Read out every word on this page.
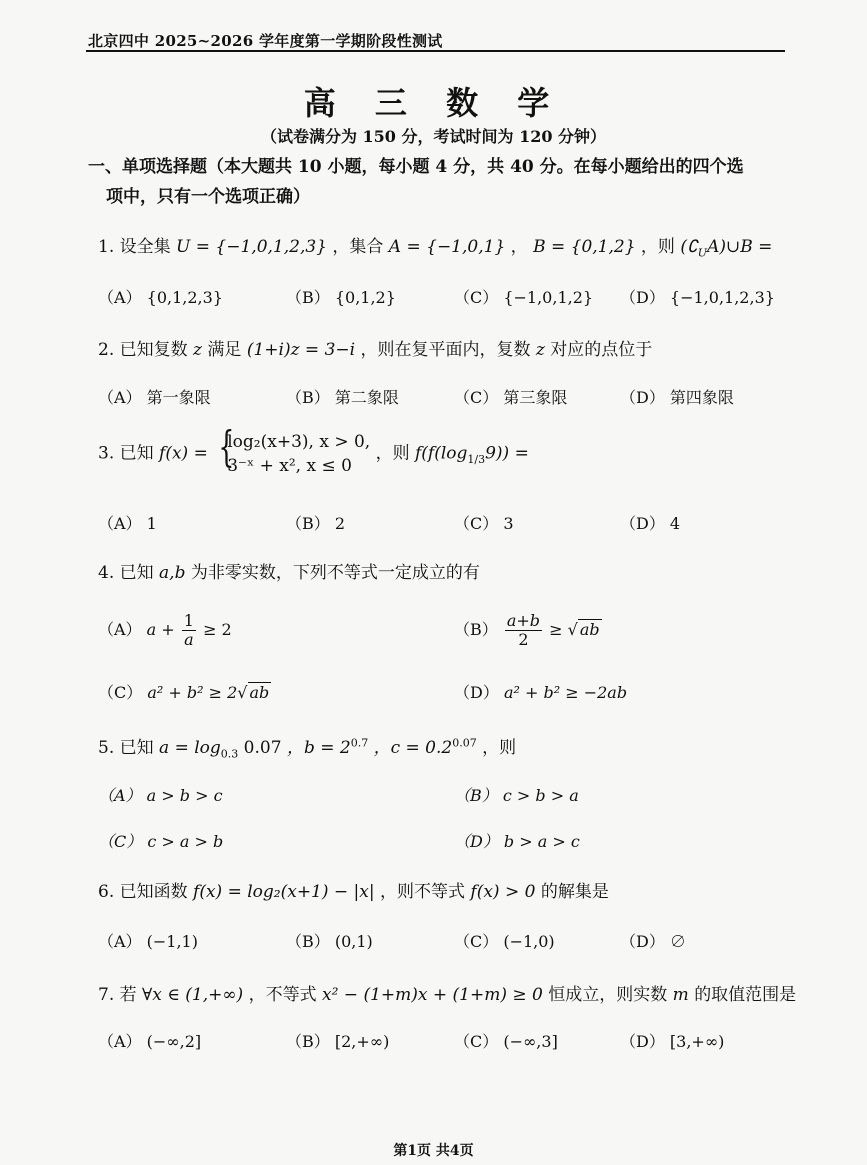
北京四中 2025~2026 学年度第一学期阶段性测试
高 三 数 学
（试卷满分为 150 分，考试时间为 120 分钟）
一、单项选择题（本大题共 10 小题，每小题 4 分，共 40 分。在每小题给出的四个选
项中，只有一个选项正确）
1. 设全集 U = {−1,0,1,2,3} ，集合 A = {−1,0,1} ， B = {0,1,2} ，则 $(∁_UA)\cup B$ =
（A） {0,1,2,3}	（B） {0,1,2}	（C） {−1,0,1,2} （D） {−1,0,1,2,3}
2. 已知复数 z 满足 (1+i)z = 3−i ，则在复平面内，复数 z 对应的点位于
（A） 第一象限	（B） 第二象限	（C） 第三象限	（D） 第四象限
3. 已知 f(x) = {
log₂(x+3), x > 0,
3⁻ˣ + x², x ≤ 0
，则 $f(f(\log_{1/3}9))$ =
（A） 1	（B） 2	（C） 3	（D） 4
4. 已知 a,b 为非零实数，下列不等式一定成立的有
（A） $a + \frac{1}{a} \ge 2$	$(B) \frac{a+b}{2}$ ≥ √ ab
（C） a² + b² ≥ 2√ ab	（D） a² + b² ≥ −2ab
5. 已知 $a = \log_{0.3} 0.07$ ，$b = 2^{0.7}$ ，$c = 0.2^{0.07}$ ，则
（A） a > b > c	（B） c > b > a
（C） c > a > b	（D） b > a > c
6. 已知函数 f(x) = log₂(x+1) − |x| ，则不等式 f(x) > 0 的解集是
（A） (−1,1)	（B） (0,1)	（C） (−1,0)	（D） ∅
7. 若 ∀x ∈ (1,+∞) ，不等式 x² − (1+m)x + (1+m) ≥ 0 恒成立，则实数 m 的取值范围是
（A） (−∞,2]	（B） [2,+∞)	（C） (−∞,3]	（D） [3,+∞)
第1页 共4页
